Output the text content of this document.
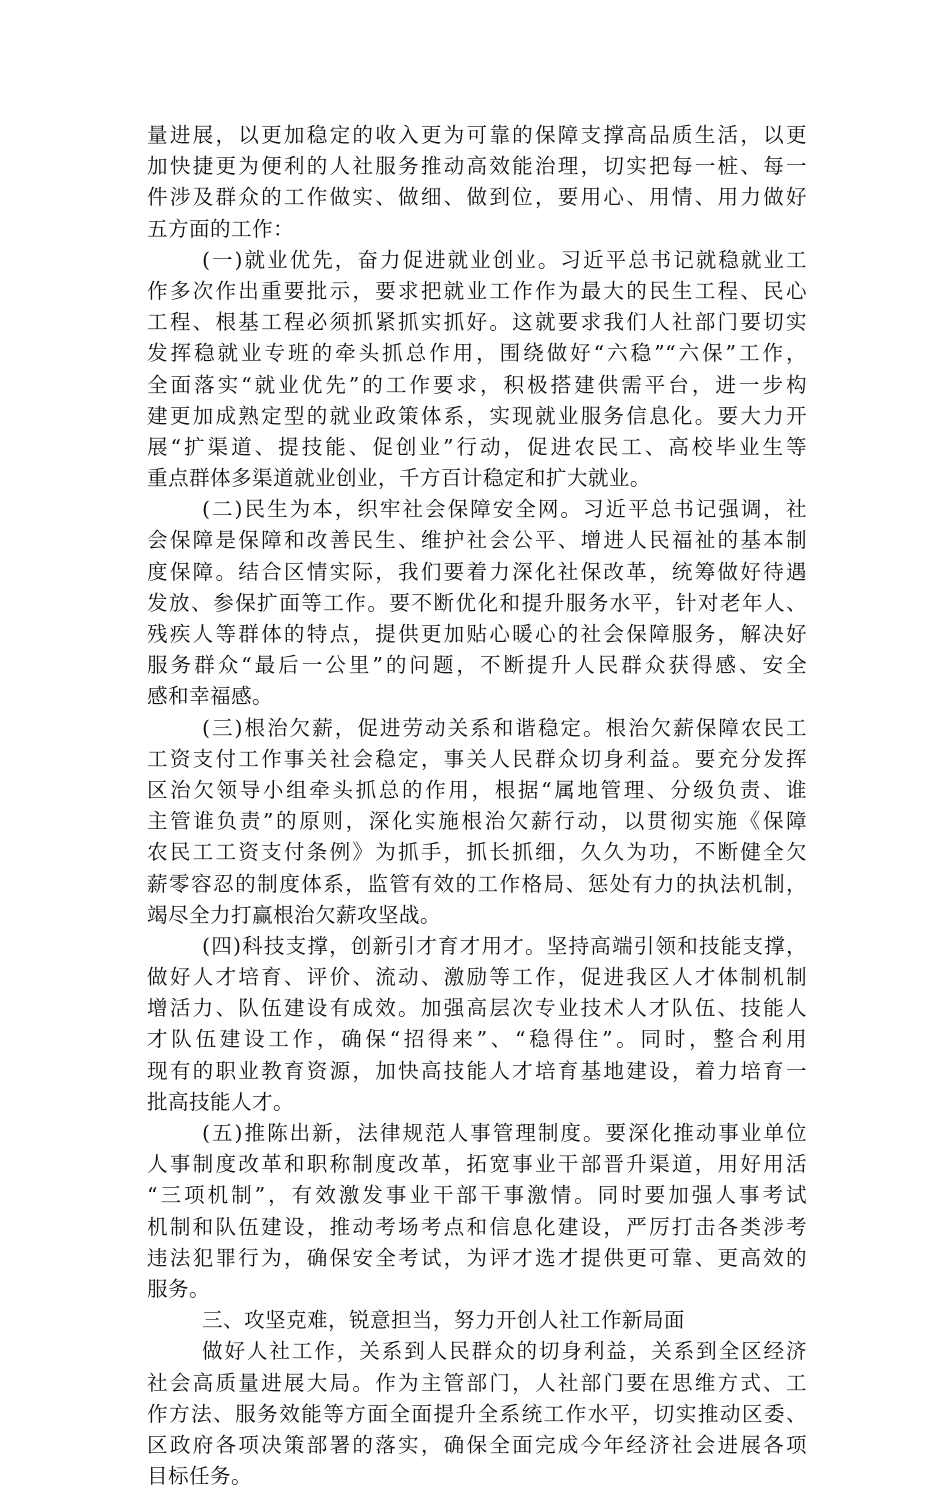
量进展，以更加稳定的收入更为可靠的保障支撑高品质生活，以更
加快捷更为便利的人社服务推动高效能治理，切实把每一桩、每一
件涉及群众的工作做实、做细、做到位，要用心、用情、用力做好
五方面的工作：
(一)就业优先，奋力促进就业创业。习近平总书记就稳就业工
作多次作出重要批示，要求把就业工作作为最大的民生工程、民心
工程、根基工程必须抓紧抓实抓好。这就要求我们人社部门要切实
发挥稳就业专班的牵头抓总作用，围绕做好“六稳”“六保”工作，
全面落实“就业优先”的工作要求，积极搭建供需平台，进一步构
建更加成熟定型的就业政策体系，实现就业服务信息化。要大力开
展“扩渠道、提技能、促创业”行动，促进农民工、高校毕业生等
重点群体多渠道就业创业，千方百计稳定和扩大就业。
(二)民生为本，织牢社会保障安全网。习近平总书记强调，社
会保障是保障和改善民生、维护社会公平、增进人民福祉的基本制
度保障。结合区情实际，我们要着力深化社保改革，统筹做好待遇
发放、参保扩面等工作。要不断优化和提升服务水平，针对老年人、
残疾人等群体的特点，提供更加贴心暖心的社会保障服务，解决好
服务群众“最后一公里”的问题，不断提升人民群众获得感、安全
感和幸福感。
(三)根治欠薪，促进劳动关系和谐稳定。根治欠薪保障农民工
工资支付工作事关社会稳定，事关人民群众切身利益。要充分发挥
区治欠领导小组牵头抓总的作用，根据“属地管理、分级负责、谁
主管谁负责”的原则，深化实施根治欠薪行动，以贯彻实施《保障
农民工工资支付条例》为抓手，抓长抓细，久久为功，不断健全欠
薪零容忍的制度体系，监管有效的工作格局、惩处有力的执法机制，
竭尽全力打赢根治欠薪攻坚战。
(四)科技支撑，创新引才育才用才。坚持高端引领和技能支撑，
做好人才培育、评价、流动、激励等工作，促进我区人才体制机制
增活力、队伍建设有成效。加强高层次专业技术人才队伍、技能人
才队伍建设工作，确保“招得来”、“稳得住”。同时，整合利用
现有的职业教育资源，加快高技能人才培育基地建设，着力培育一
批高技能人才。
(五)推陈出新，法律规范人事管理制度。要深化推动事业单位
人事制度改革和职称制度改革，拓宽事业干部晋升渠道，用好用活
“三项机制”，有效激发事业干部干事激情。同时要加强人事考试
机制和队伍建设，推动考场考点和信息化建设，严厉打击各类涉考
违法犯罪行为，确保安全考试，为评才选才提供更可靠、更高效的
服务。
三、攻坚克难，锐意担当，努力开创人社工作新局面
做好人社工作，关系到人民群众的切身利益，关系到全区经济
社会高质量进展大局。作为主管部门，人社部门要在思维方式、工
作方法、服务效能等方面全面提升全系统工作水平，切实推动区委、
区政府各项决策部署的落实，确保全面完成今年经济社会进展各项
目标任务。
